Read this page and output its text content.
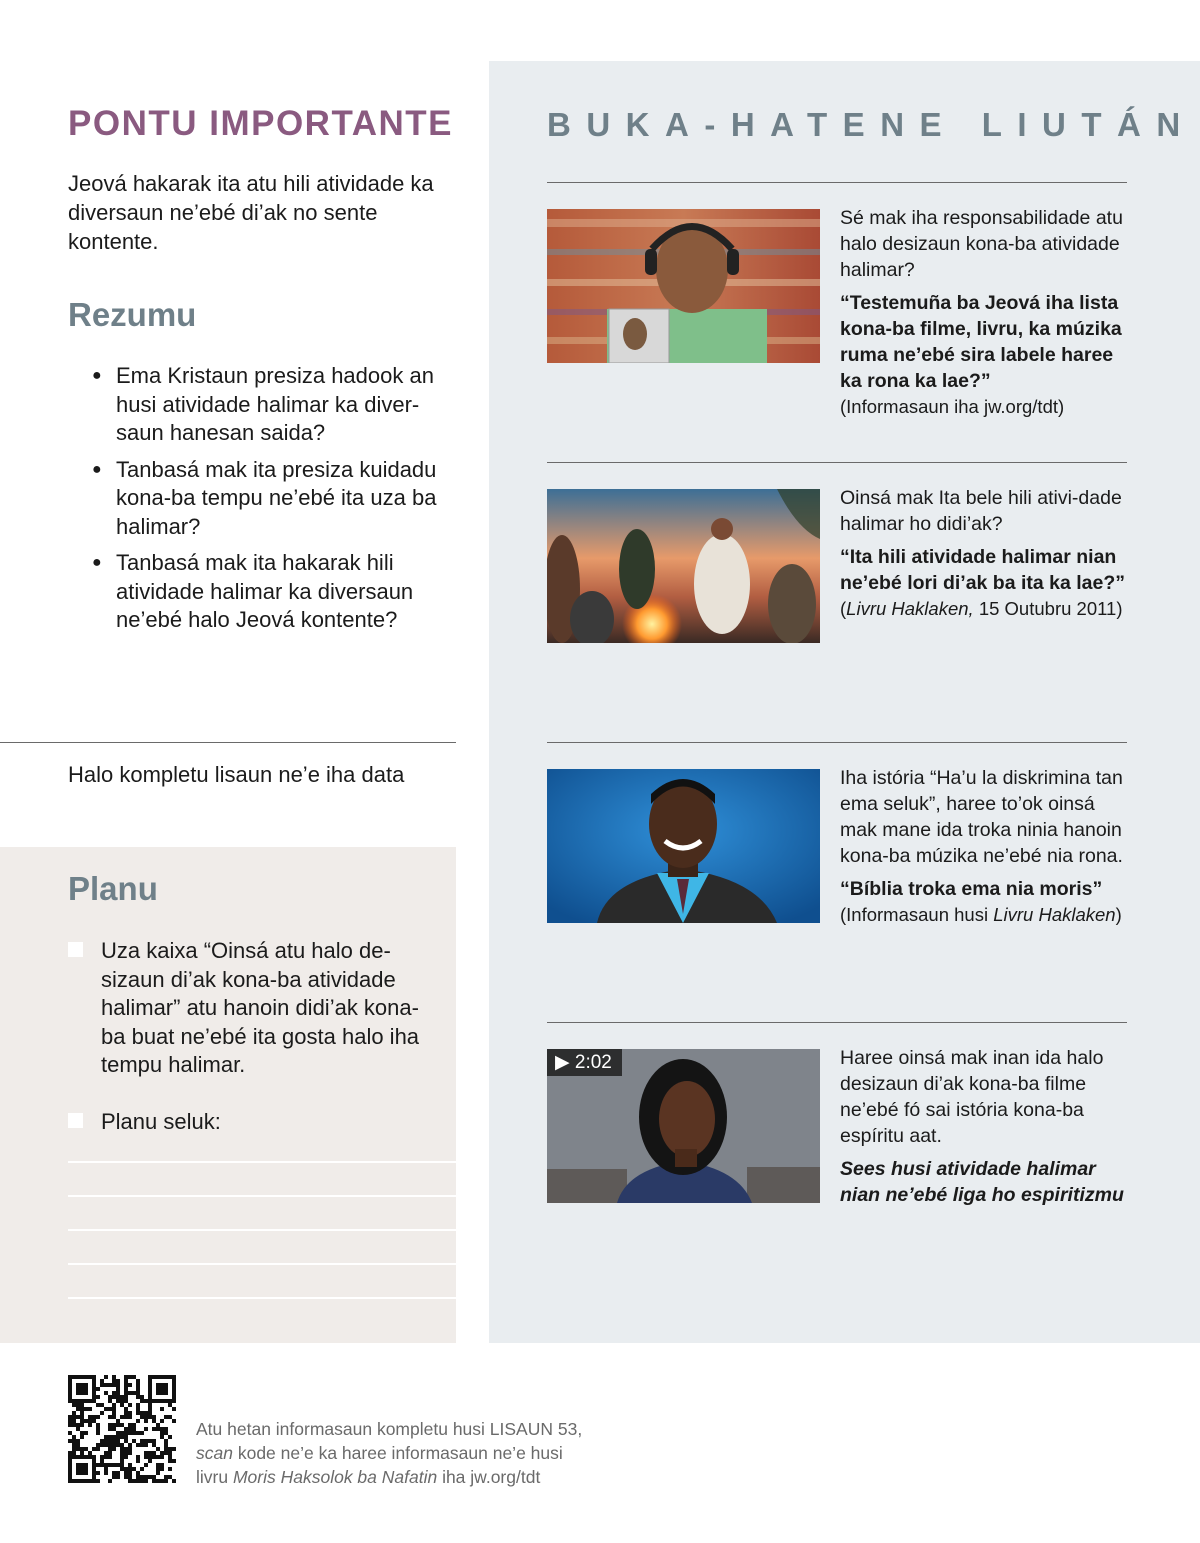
PONTU IMPORTANTE
Jeová hakarak ita atu hili atividade ka diversaun ne’ebé di’ak no sente kontente.
Rezumu
● Ema Kristaun presiza hadook an husi atividade halimar ka diver-saun hanesan saida?
● Tanbasá mak ita presiza kuidadu kona-ba tempu ne’ebé ita uza ba halimar?
● Tanbasá mak ita hakarak hili atividade halimar ka diversaun ne’ebé halo Jeová kontente?
Halo kompletu lisaun ne’e iha data
Planu
Uza kaixa “Oinsá atu halo de-sizaun di’ak kona-ba atividade halimar” atu hanoin didi’ak kona-ba buat ne’ebé ita gosta halo iha tempu halimar.
Planu seluk:
BUKA-HATENE LIUTÁN

Sé mak iha responsabilidade atu halo desizaun kona-ba atividade halimar?

“Testemuña ba Jeová iha lista kona-ba filme, livru, ka múzika ruma ne’ebé sira labele haree ka rona ka lae?”

(Informasaun iha jw.org/tdt)

Oinsá mak Ita bele hili ativi-dade halimar ho didi’ak?

“Ita hili atividade halimar nian ne’ebé lori di’ak ba ita ka lae?”

(Livru Haklaken, 15 Outubru 2011)

Iha istória “Ha’u la diskrimina tan ema seluk”, haree to’ok oinsá mak mane ida troka ninia hanoin kona-ba múzika ne’ebé nia rona.

“Bíblia troka ema nia moris”

(Informasaun husi Livru Haklaken)

▶ 2:02	Haree oinsá mak inan ida halo desizaun di’ak kona-ba filme ne’ebé fó sai istória kona-ba espíritu aat.

Sees husi atividade halimar nian ne’ebé liga ho espiritizmu

Atu hetan informasaun kompletu husi LISAUN 53,
scan kode ne’e ka haree informasaun ne’e husi
livru Moris Haksolok ba Nafatin iha jw.org/tdt
